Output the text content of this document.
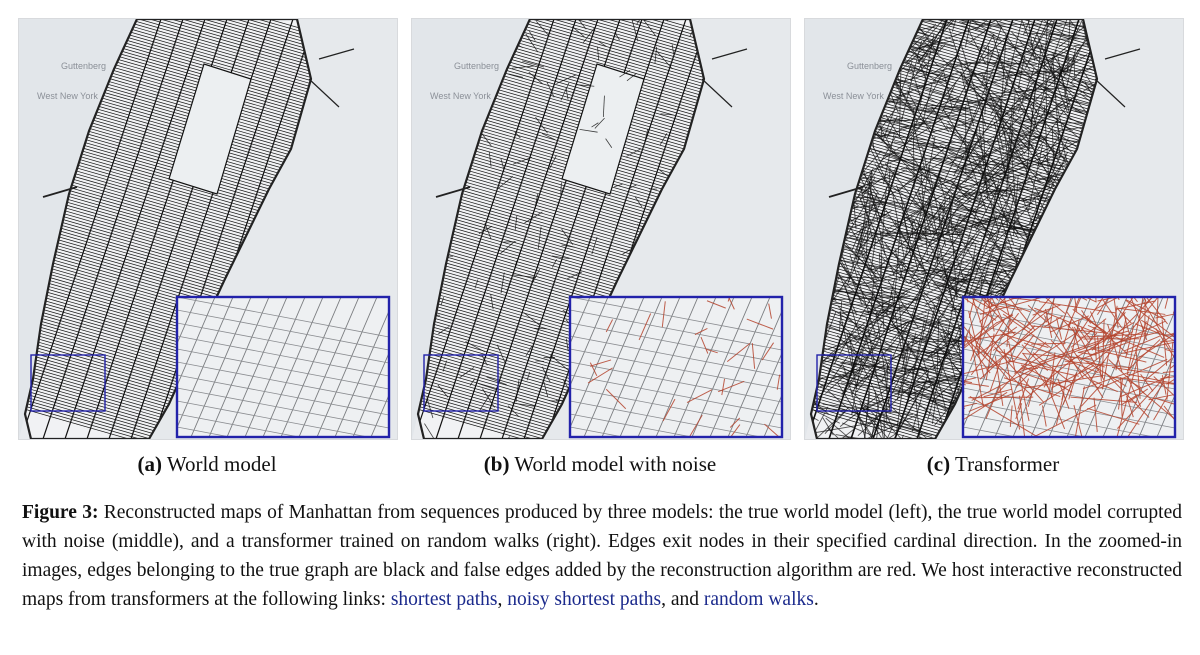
Guttenberg
West New York
(a) World model
Guttenberg
West New York
(b) World model with noise
Guttenberg
West New York
(c) Transformer
Figure 3: Reconstructed maps of Manhattan from sequences produced by three models: the true world model (left), the true world model corrupted with noise (middle), and a transformer trained on random walks (right). Edges exit nodes in their specified cardinal direction. In the zoomed-in images, edges belonging to the true graph are black and false edges added by the reconstruction algorithm are red. We host interactive reconstructed maps from transformers at the following links: shortest paths, noisy shortest paths, and random walks.
